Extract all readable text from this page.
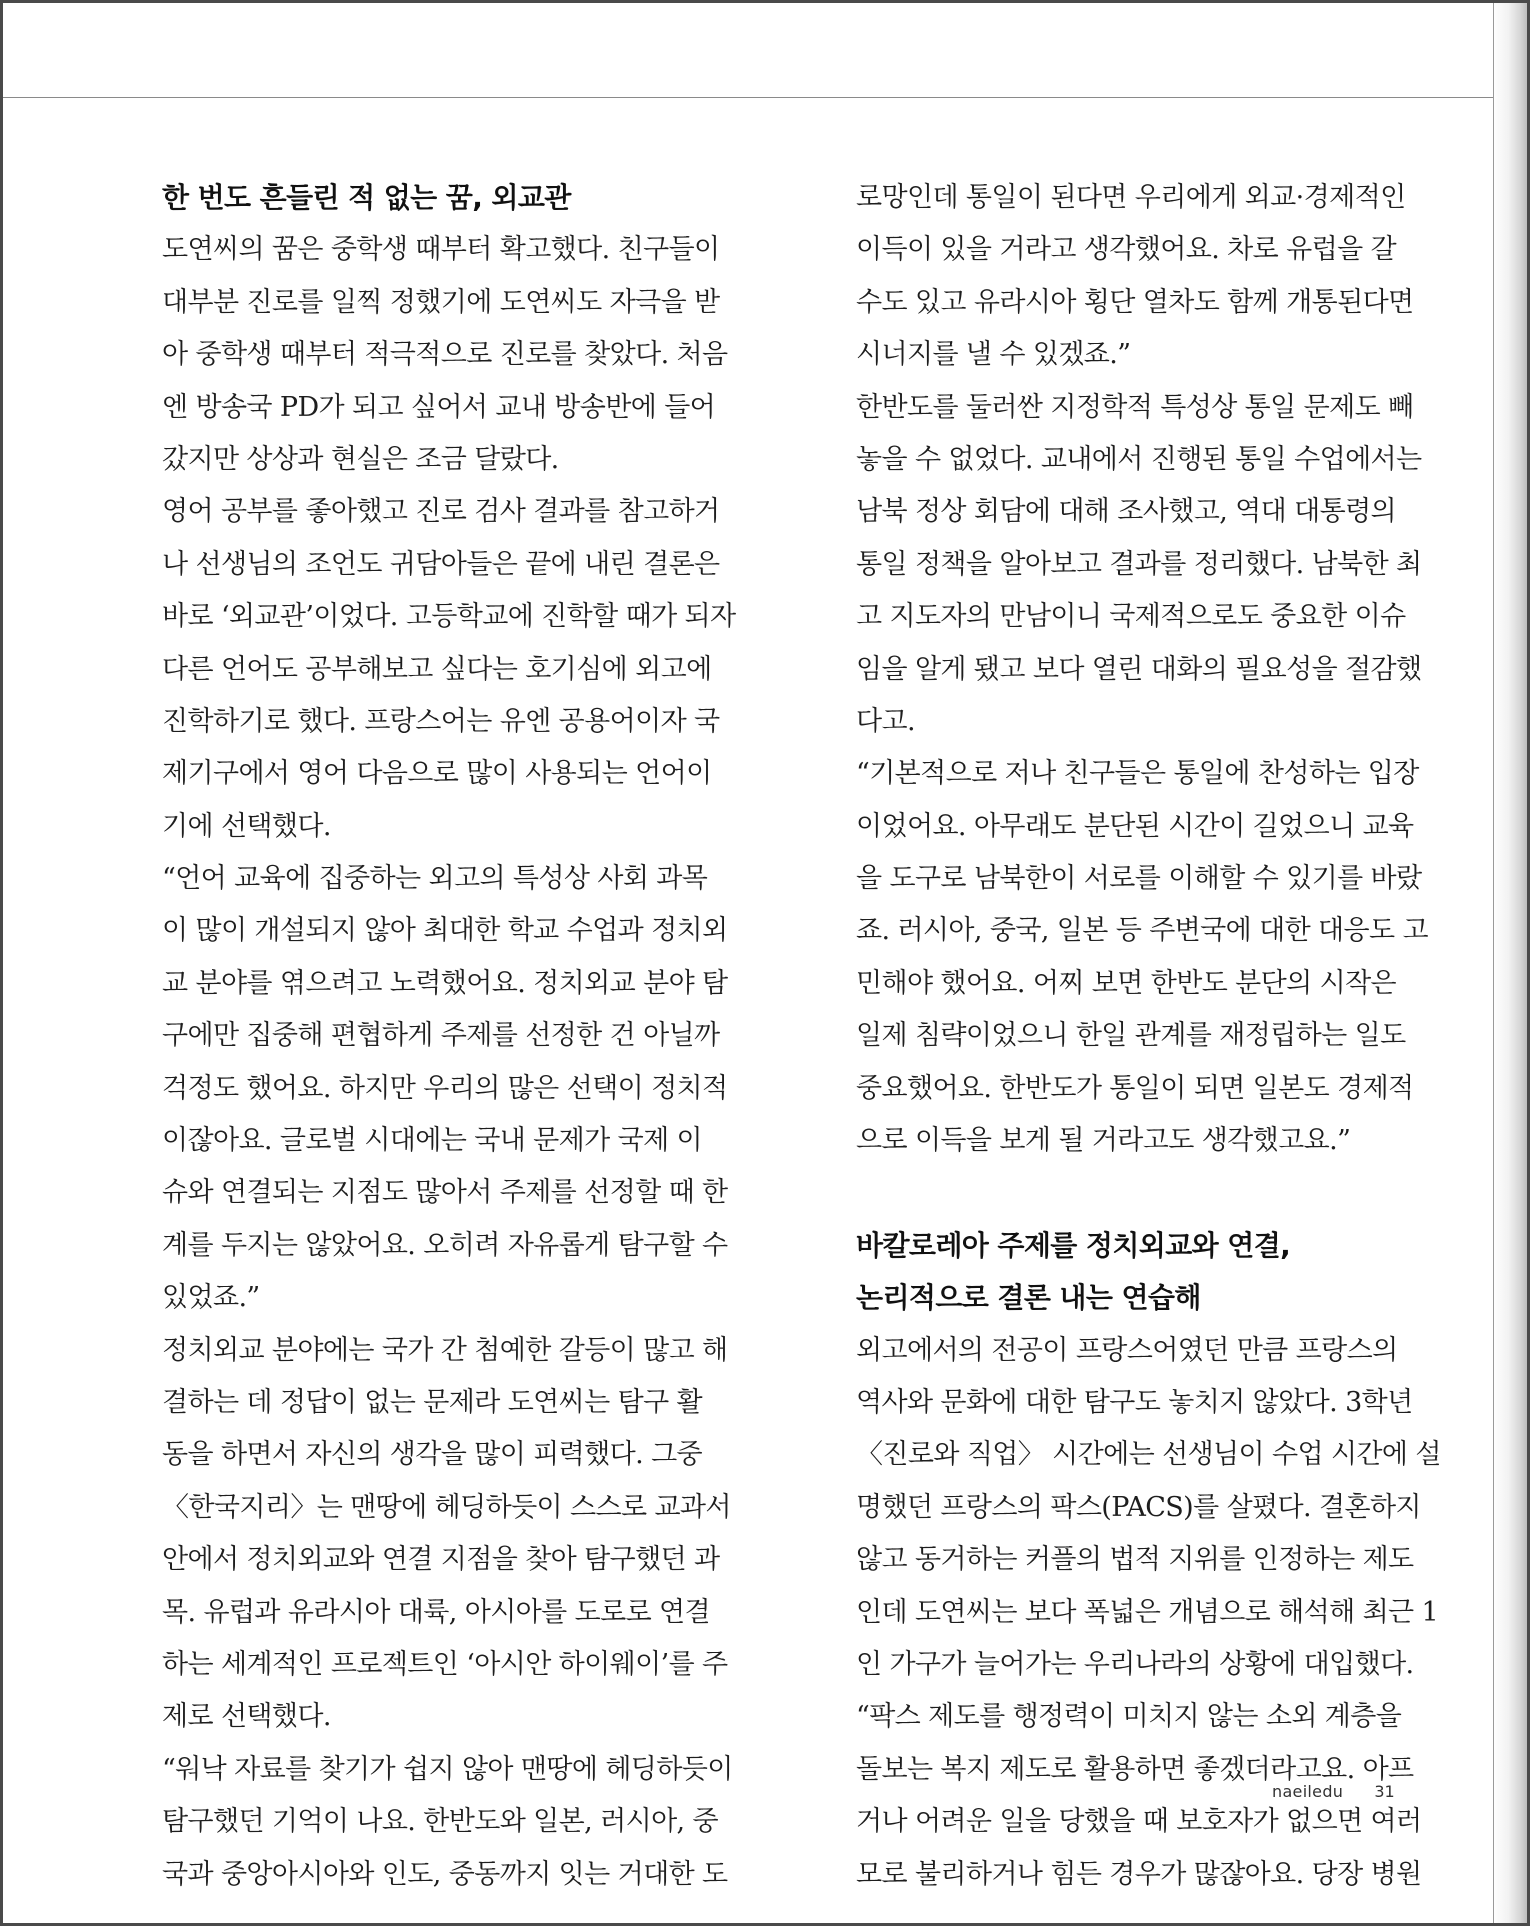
한 번도 흔들린 적 없는 꿈, 외교관
도연씨의 꿈은 중학생 때부터 확고했다. 친구들이
대부분 진로를 일찍 정했기에 도연씨도 자극을 받
아 중학생 때부터 적극적으로 진로를 찾았다. 처음
엔 방송국 PD가 되고 싶어서 교내 방송반에 들어
갔지만 상상과 현실은 조금 달랐다.
영어 공부를 좋아했고 진로 검사 결과를 참고하거
나 선생님의 조언도 귀담아들은 끝에 내린 결론은
바로 ‘외교관’이었다. 고등학교에 진학할 때가 되자
다른 언어도 공부해보고 싶다는 호기심에 외고에
진학하기로 했다. 프랑스어는 유엔 공용어이자 국
제기구에서 영어 다음으로 많이 사용되는 언어이
기에 선택했다.
“언어 교육에 집중하는 외고의 특성상 사회 과목
이 많이 개설되지 않아 최대한 학교 수업과 정치외
교 분야를 엮으려고 노력했어요. 정치외교 분야 탐
구에만 집중해 편협하게 주제를 선정한 건 아닐까
걱정도 했어요. 하지만 우리의 많은 선택이 정치적
이잖아요. 글로벌 시대에는 국내 문제가 국제 이
슈와 연결되는 지점도 많아서 주제를 선정할 때 한
계를 두지는 않았어요. 오히려 자유롭게 탐구할 수
있었죠.”
정치외교 분야에는 국가 간 첨예한 갈등이 많고 해
결하는 데 정답이 없는 문제라 도연씨는 탐구 활
동을 하면서 자신의 생각을 많이 피력했다. 그중
〈한국지리〉는 맨땅에 헤딩하듯이 스스로 교과서
안에서 정치외교와 연결 지점을 찾아 탐구했던 과
목. 유럽과 유라시아 대륙, 아시아를 도로로 연결
하는 세계적인 프로젝트인 ‘아시안 하이웨이’를 주
제로 선택했다.
“워낙 자료를 찾기가 쉽지 않아 맨땅에 헤딩하듯이
탐구했던 기억이 나요. 한반도와 일본, 러시아, 중
국과 중앙아시아와 인도, 중동까지 잇는 거대한 도
로망인데 통일이 된다면 우리에게 외교·경제적인
이득이 있을 거라고 생각했어요. 차로 유럽을 갈
수도 있고 유라시아 횡단 열차도 함께 개통된다면
시너지를 낼 수 있겠죠.”
한반도를 둘러싼 지정학적 특성상 통일 문제도 빼
놓을 수 없었다. 교내에서 진행된 통일 수업에서는
남북 정상 회담에 대해 조사했고, 역대 대통령의
통일 정책을 알아보고 결과를 정리했다. 남북한 최
고 지도자의 만남이니 국제적으로도 중요한 이슈
임을 알게 됐고 보다 열린 대화의 필요성을 절감했
다고.
“기본적으로 저나 친구들은 통일에 찬성하는 입장
이었어요. 아무래도 분단된 시간이 길었으니 교육
을 도구로 남북한이 서로를 이해할 수 있기를 바랐
죠. 러시아, 중국, 일본 등 주변국에 대한 대응도 고
민해야 했어요. 어찌 보면 한반도 분단의 시작은
일제 침략이었으니 한일 관계를 재정립하는 일도
중요했어요. 한반도가 통일이 되면 일본도 경제적
으로 이득을 보게 될 거라고도 생각했고요.”
바칼로레아 주제를 정치외교와 연결,
논리적으로 결론 내는 연습해
외고에서의 전공이 프랑스어였던 만큼 프랑스의
역사와 문화에 대한 탐구도 놓치지 않았다. 3학년
〈진로와 직업〉 시간에는 선생님이 수업 시간에 설
명했던 프랑스의 팍스(PACS)를 살폈다. 결혼하지
않고 동거하는 커플의 법적 지위를 인정하는 제도
인데 도연씨는 보다 폭넓은 개념으로 해석해 최근 1
인 가구가 늘어가는 우리나라의 상황에 대입했다.
“팍스 제도를 행정력이 미치지 않는 소외 계층을
돌보는 복지 제도로 활용하면 좋겠더라고요. 아프
거나 어려운 일을 당했을 때 보호자가 없으면 여러
모로 불리하거나 힘든 경우가 많잖아요. 당장 병원
naeiledu 31
